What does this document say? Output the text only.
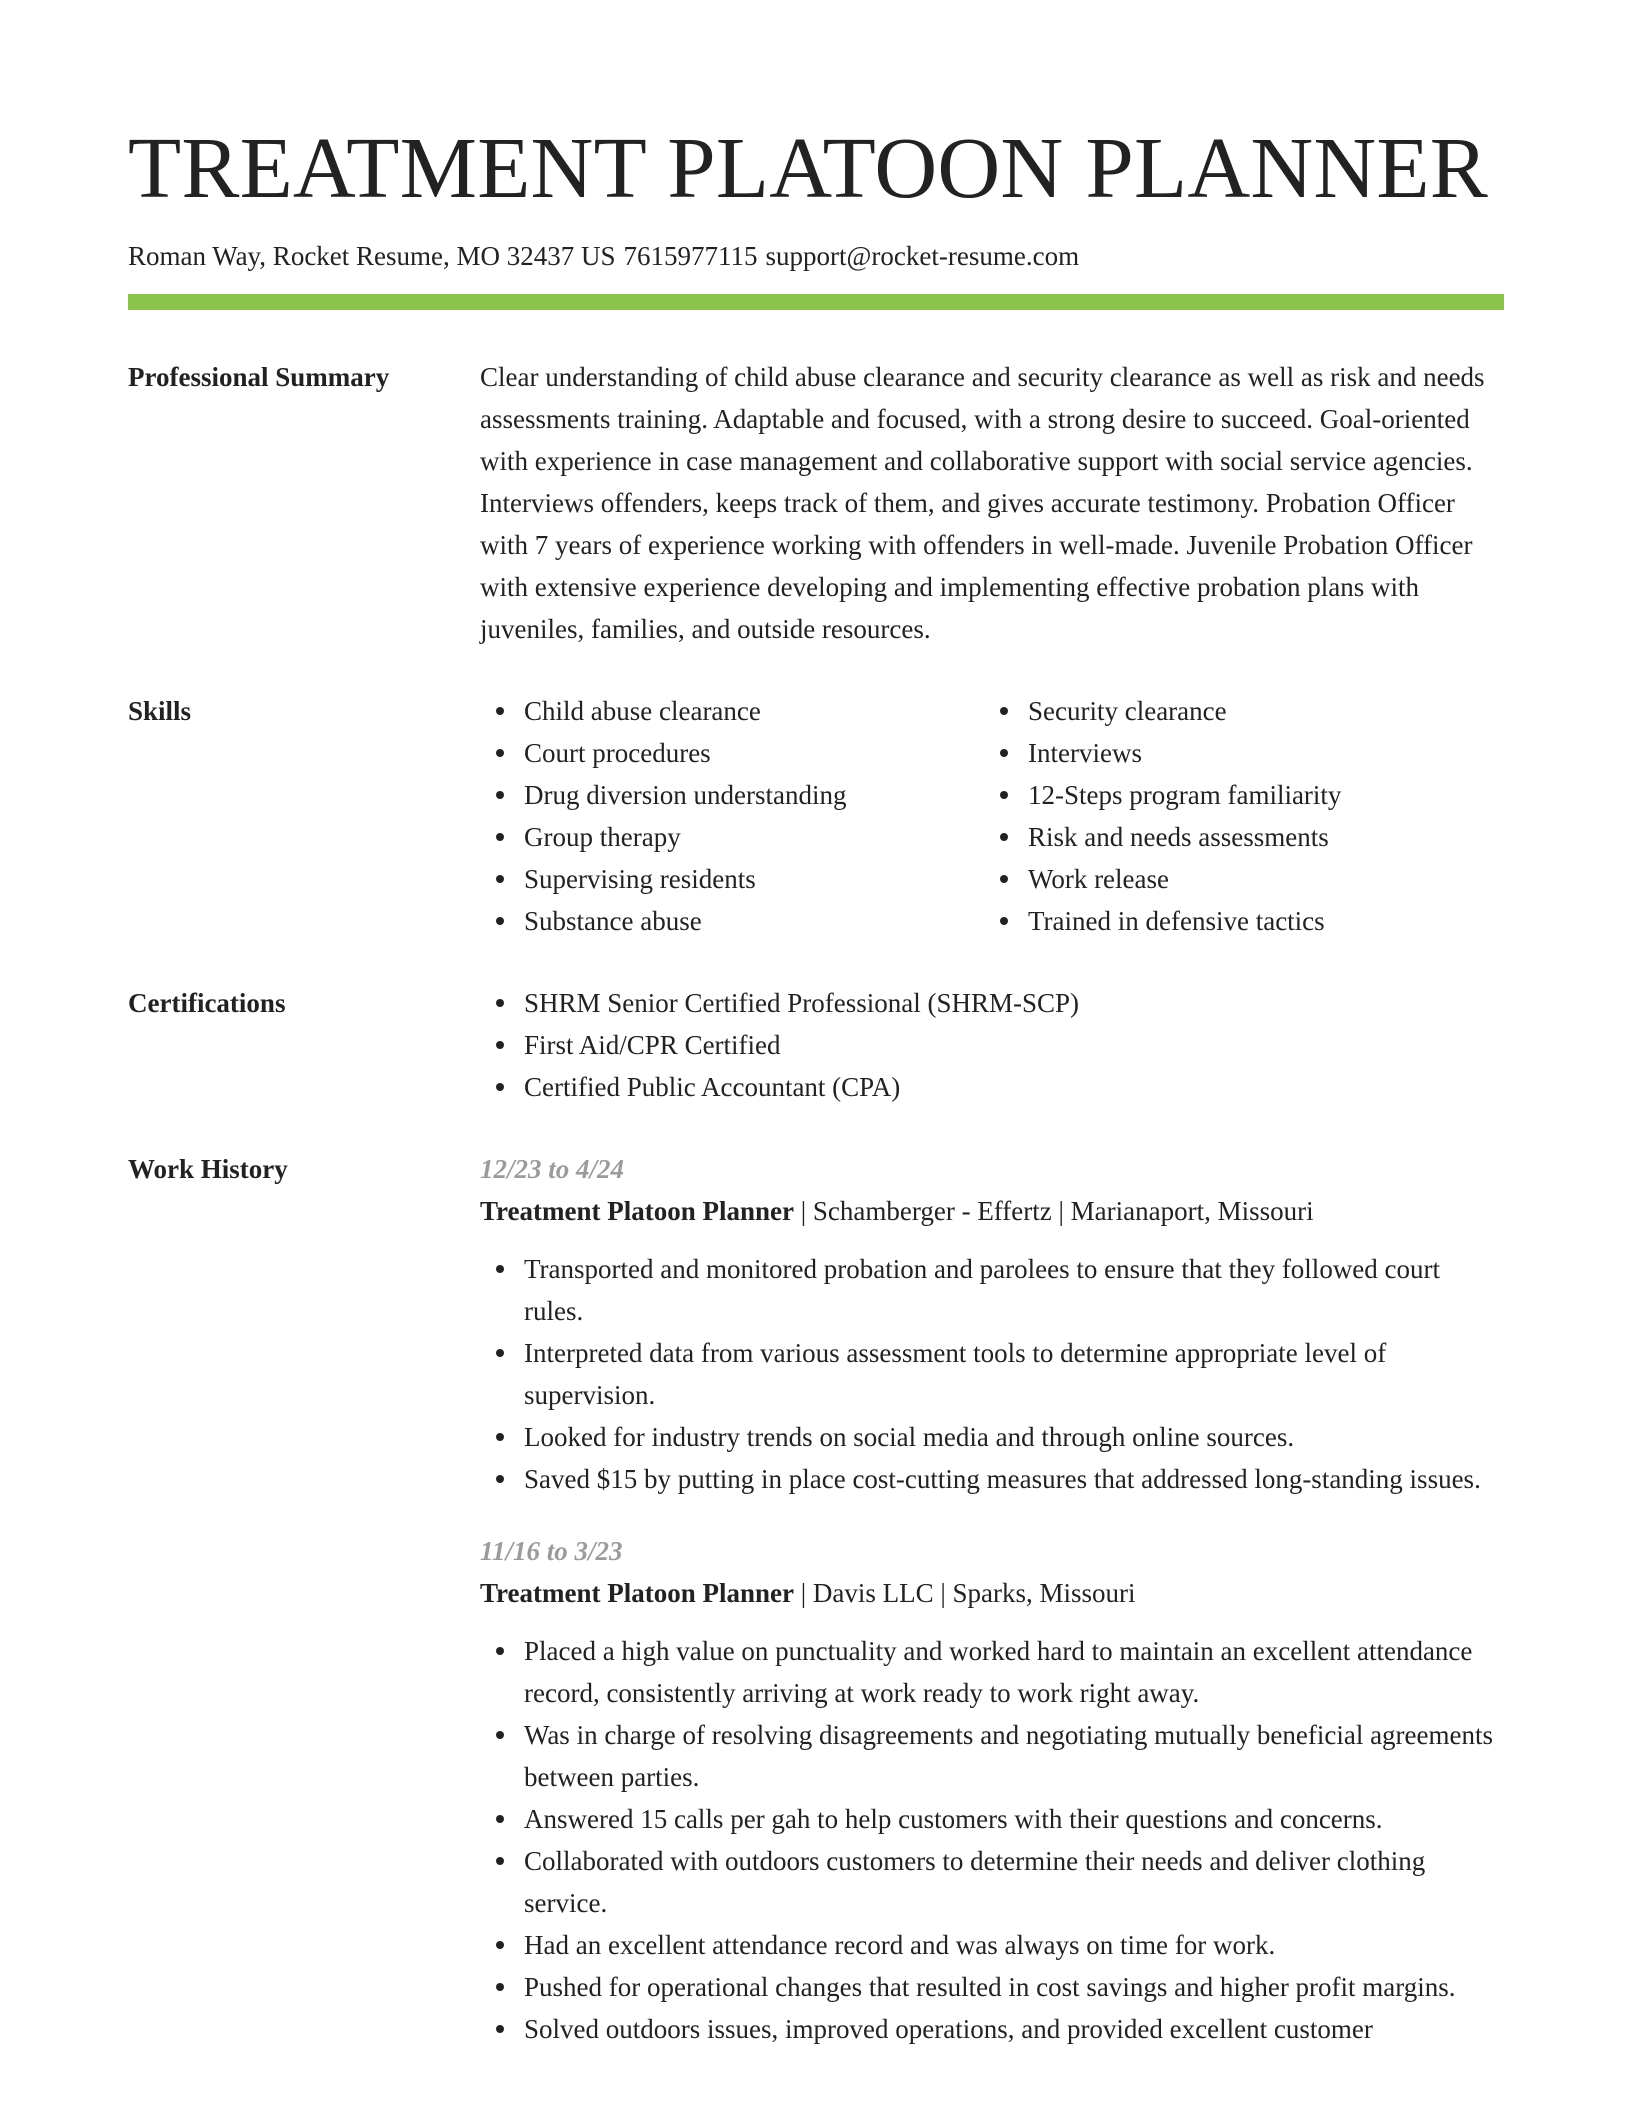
TREATMENT PLATOON PLANNER
Roman Way, Rocket Resume, MO 32437 US 7615977115 support@rocket-resume.com
Professional Summary	Clear understanding of child abuse clearance and security clearance as well as risk and needs assessments training. Adaptable and focused, with a strong desire to succeed. Goal-oriented with experience in case management and collaborative support with social service agencies. Interviews offenders, keeps track of them, and gives accurate testimony. Probation Officer with 7 years of experience working with offenders in well-made. Juvenile Probation Officer with extensive experience developing and implementing effective probation plans with juveniles, families, and outside resources.
Skills	Child abuse clearance
Court procedures
Drug diversion understanding
Group therapy
Supervising residents
Substance abuse
Security clearance
Interviews
12-Steps program familiarity
Risk and needs assessments
Work release
Trained in defensive tactics
Certifications	SHRM Senior Certified Professional (SHRM-SCP)
First Aid/CPR Certified
Certified Public Accountant (CPA)
Work History	12/23 to 4/24
Treatment Platoon Planner | Schamberger - Effertz | Marianaport, Missouri
Transported and monitored probation and parolees to ensure that they followed court rules.
Interpreted data from various assessment tools to determine appropriate level of supervision.
Looked for industry trends on social media and through online sources.
Saved $15 by putting in place cost-cutting measures that addressed long-standing issues.
11/16 to 3/23
Treatment Platoon Planner | Davis LLC | Sparks, Missouri
Placed a high value on punctuality and worked hard to maintain an excellent attendance record, consistently arriving at work ready to work right away.
Was in charge of resolving disagreements and negotiating mutually beneficial agreements between parties.
Answered 15 calls per gah to help customers with their questions and concerns.
Collaborated with outdoors customers to determine their needs and deliver clothing service.
Had an excellent attendance record and was always on time for work.
Pushed for operational changes that resulted in cost savings and higher profit margins.
Solved outdoors issues, improved operations, and provided excellent customer
